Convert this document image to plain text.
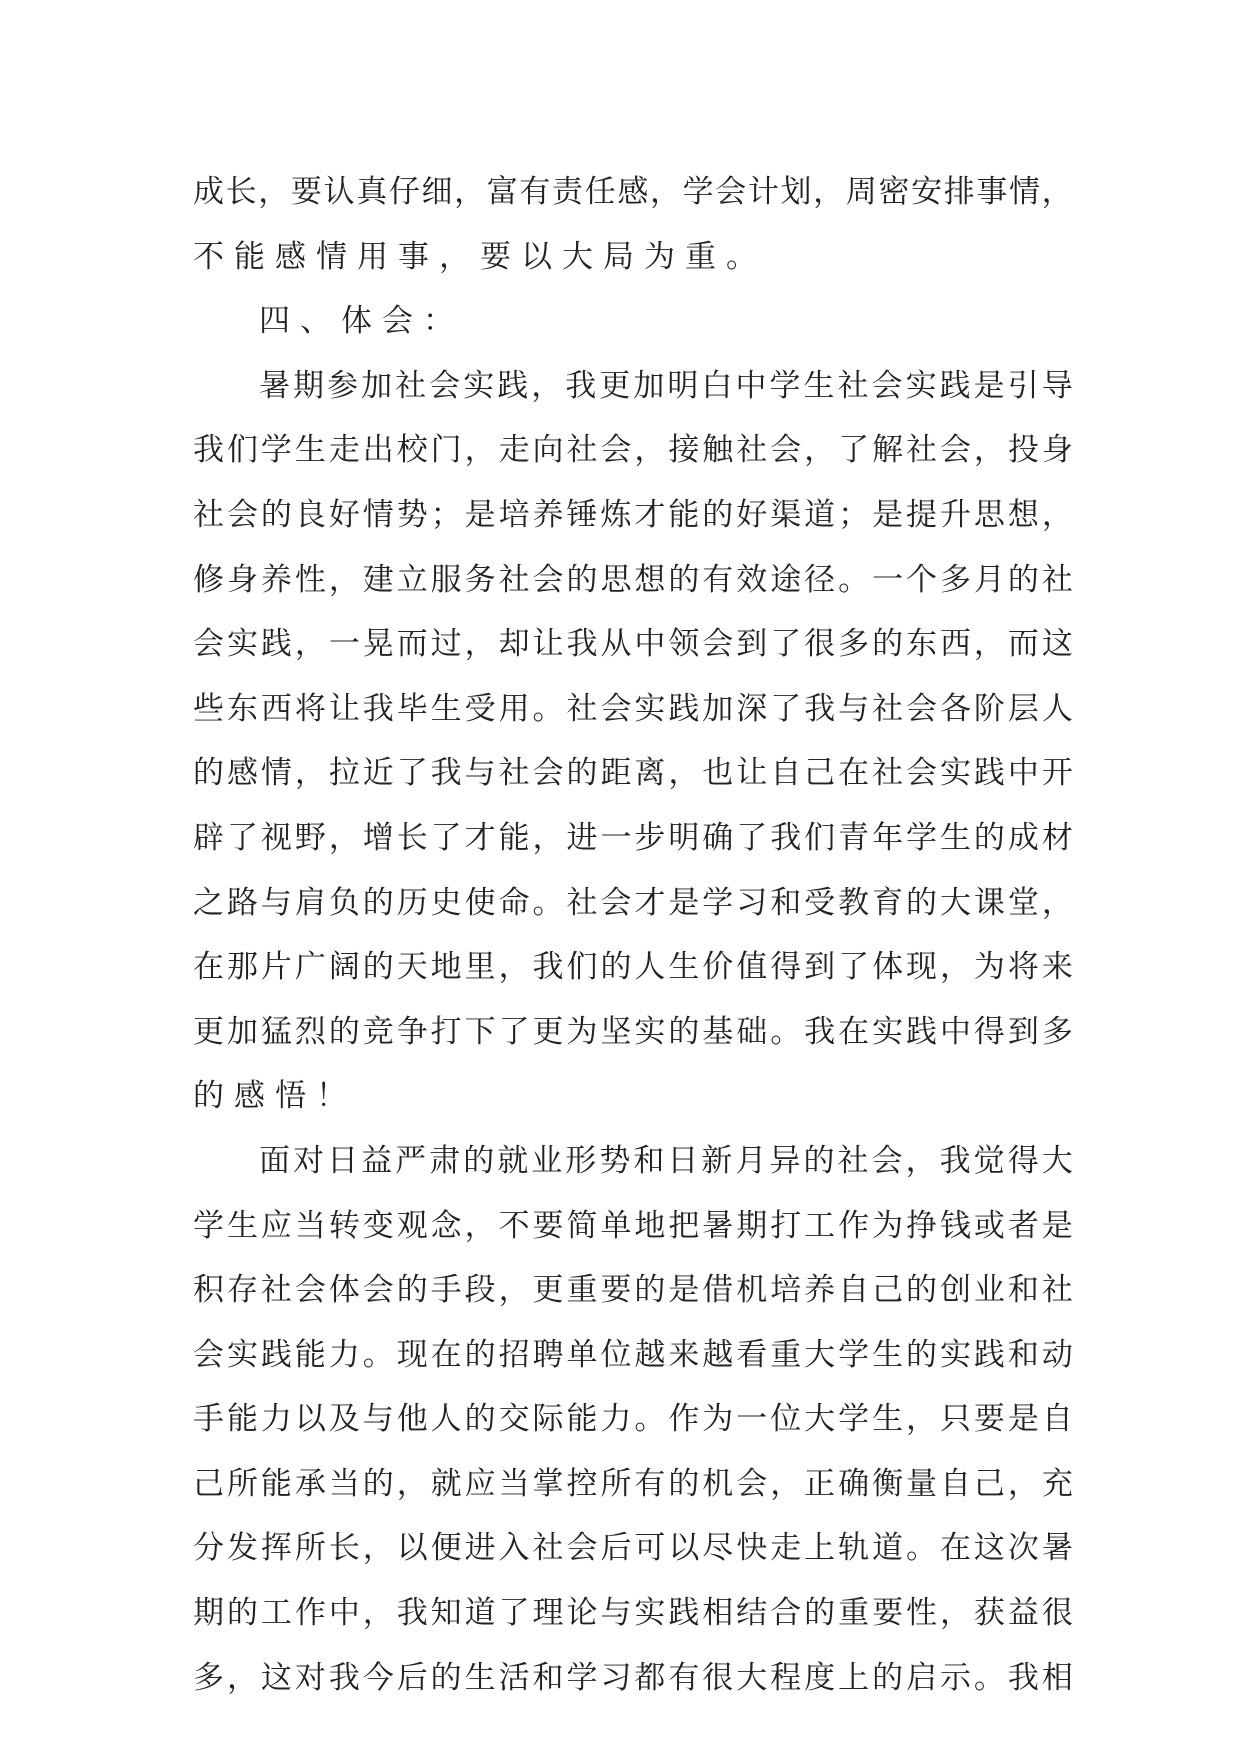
成 长 ， 要 认 真 仔 细 ， 富 有 责 任 感 ， 学 会 计 划 ， 周 密 安 排 事 情 ，
不 能 感 情 用 事 ， 要 以 大 局 为 重 。
四 、 体 会 ：
暑 期 参 加 社 会 实 践 ， 我 更 加 明 白 中 学 生 社 会 实 践 是 引 导
我 们 学 生 走 出 校 门 ， 走 向 社 会 ， 接 触 社 会 ， 了 解 社 会 ， 投 身
社 会 的 良 好 情 势 ； 是 培 养 锤 炼 才 能 的 好 渠 道 ； 是 提 升 思 想 ，
修 身 养 性 ， 建 立 服 务 社 会 的 思 想 的 有 效 途 径 。 一 个 多 月 的 社
会 实 践 ， 一 晃 而 过 ， 却 让 我 从 中 领 会 到 了 很 多 的 东 西 ， 而 这
些 东 西 将 让 我 毕 生 受 用 。 社 会 实 践 加 深 了 我 与 社 会 各 阶 层 人
的 感 情 ， 拉 近 了 我 与 社 会 的 距 离 ， 也 让 自 己 在 社 会 实 践 中 开
辟 了 视 野 ， 增 长 了 才 能 ， 进 一 步 明 确 了 我 们 青 年 学 生 的 成 材
之 路 与 肩 负 的 历 史 使 命 。 社 会 才 是 学 习 和 受 教 育 的 大 课 堂 ，
在 那 片 广 阔 的 天 地 里 ， 我 们 的 人 生 价 值 得 到 了 体 现 ， 为 将 来
更 加 猛 烈 的 竞 争 打 下 了 更 为 坚 实 的 基 础 。 我 在 实 践 中 得 到 多
的 感 悟 ！
面 对 日 益 严 肃 的 就 业 形 势 和 日 新 月 异 的 社 会 ， 我 觉 得 大
学 生 应 当 转 变 观 念 ， 不 要 简 单 地 把 暑 期 打 工 作 为 挣 钱 或 者 是
积 存 社 会 体 会 的 手 段 ， 更 重 要 的 是 借 机 培 养 自 己 的 创 业 和 社
会 实 践 能 力 。 现 在 的 招 聘 单 位 越 来 越 看 重 大 学 生 的 实 践 和 动
手 能 力 以 及 与 他 人 的 交 际 能 力 。 作 为 一 位 大 学 生 ， 只 要 是 自
己 所 能 承 当 的 ， 就 应 当 掌 控 所 有 的 机 会 ， 正 确 衡 量 自 己 ， 充
分 发 挥 所 长 ， 以 便 进 入 社 会 后 可 以 尽 快 走 上 轨 道 。 在 这 次 暑
期 的 工 作 中 ， 我 知 道 了 理 论 与 实 践 相 结 合 的 重 要 性 ， 获 益 很
多 ， 这 对 我 今 后 的 生 活 和 学 习 都 有 很 大 程 度 上 的 启 示 。 我 相
